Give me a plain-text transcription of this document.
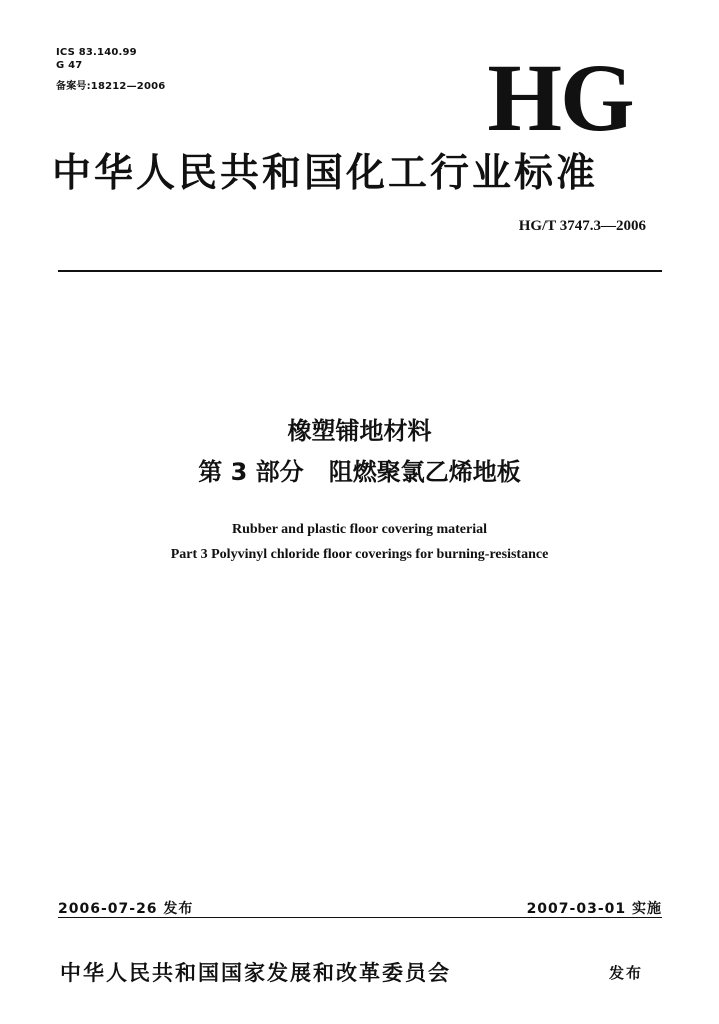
ICS 83.140.99
G 47
备案号:18212—2006	HG
中华人民共和国化工行业标准
HG/T 3747.3—2006
橡塑铺地材料
第 3 部分   阻燃聚氯乙烯地板
Rubber and plastic floor covering material
Part 3 Polyvinyl chloride floor coverings for burning-resistance
2006-07-26 发布	2007-03-01 实施
中华人民共和国国家发展和改革委员会	发布
